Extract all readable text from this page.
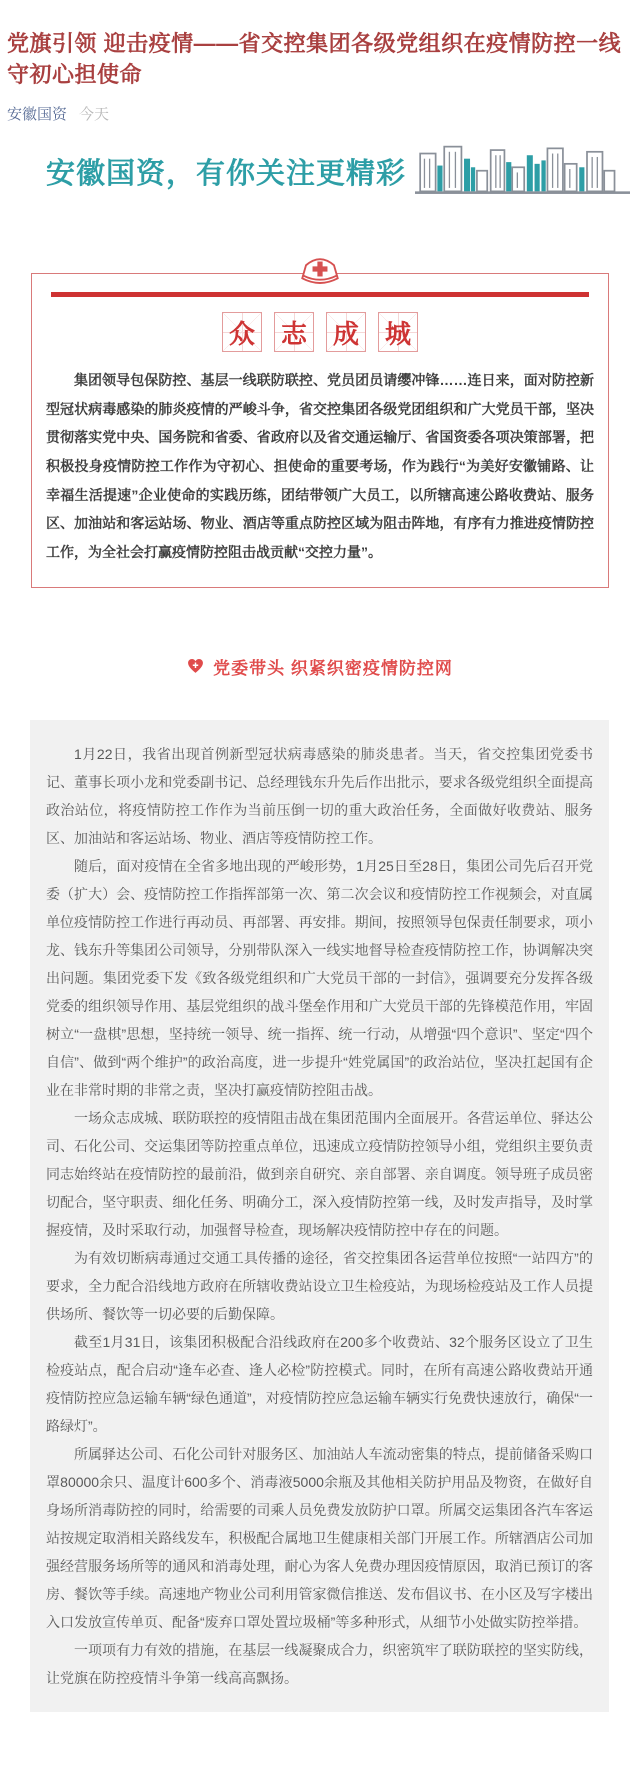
党旗引领 迎击疫情——省交控集团各级党组织在疫情防控一线守初心担使命
安徽国资 今天
安徽国资，有你关注更精彩
众 志 成 城

集团领导包保防控、基层一线联防联控、党员团员请缨冲锋……连日来，面对防控新型冠状病毒感染的肺炎疫情的严峻斗争，省交控集团各级党团组织和广大党员干部，坚决贯彻落实党中央、国务院和省委、省政府以及省交通运输厅、省国资委各项决策部署，把积极投身疫情防控工作作为守初心、担使命的重要考场，作为践行“为美好安徽铺路、让幸福生活提速”企业使命的实践历练，团结带领广大员工，以所辖高速公路收费站、服务区、加油站和客运站场、物业、酒店等重点防控区域为阻击阵地，有序有力推进疫情防控工作，为全社会打赢疫情防控阻击战贡献“交控力量”。

党委带头 织紧织密疫情防控网

1月22日，我省出现首例新型冠状病毒感染的肺炎患者。当天，省交控集团党委书记、董事长项小龙和党委副书记、总经理钱东升先后作出批示，要求各级党组织全面提高政治站位，将疫情防控工作作为当前压倒一切的重大政治任务，全面做好收费站、服务区、加油站和客运站场、物业、酒店等疫情防控工作。

随后，面对疫情在全省多地出现的严峻形势，1月25日至28日，集团公司先后召开党委（扩大）会、疫情防控工作指挥部第一次、第二次会议和疫情防控工作视频会，对直属单位疫情防控工作进行再动员、再部署、再安排。期间，按照领导包保责任制要求，项小龙、钱东升等集团公司领导，分别带队深入一线实地督导检查疫情防控工作，协调解决突出问题。集团党委下发《致各级党组织和广大党员干部的一封信》，强调要充分发挥各级党委的组织领导作用、基层党组织的战斗堡垒作用和广大党员干部的先锋模范作用，牢固树立“一盘棋”思想，坚持统一领导、统一指挥、统一行动，从增强“四个意识”、坚定“四个自信”、做到“两个维护”的政治高度，进一步提升“姓党属国”的政治站位，坚决扛起国有企业在非常时期的非常之责，坚决打赢疫情防控阻击战。

一场众志成城、联防联控的疫情阻击战在集团范围内全面展开。各营运单位、驿达公司、石化公司、交运集团等防控重点单位，迅速成立疫情防控领导小组，党组织主要负责同志始终站在疫情防控的最前沿，做到亲自研究、亲自部署、亲自调度。领导班子成员密切配合，坚守职责、细化任务、明确分工，深入疫情防控第一线，及时发声指导，及时掌握疫情，及时采取行动，加强督导检查，现场解决疫情防控中存在的问题。

为有效切断病毒通过交通工具传播的途径，省交控集团各运营单位按照“一站四方”的要求，全力配合沿线地方政府在所辖收费站设立卫生检疫站，为现场检疫站及工作人员提供场所、餐饮等一切必要的后勤保障。

截至1月31日，该集团积极配合沿线政府在200多个收费站、32个服务区设立了卫生检疫站点，配合启动“逢车必查、逢人必检”防控模式。同时，在所有高速公路收费站开通疫情防控应急运输车辆“绿色通道”，对疫情防控应急运输车辆实行免费快速放行，确保“一路绿灯”。

所属驿达公司、石化公司针对服务区、加油站人车流动密集的特点，提前储备采购口罩80000余只、温度计600多个、消毒液5000余瓶及其他相关防护用品及物资，在做好自身场所消毒防控的同时，给需要的司乘人员免费发放防护口罩。所属交运集团各汽车客运站按规定取消相关路线发车，积极配合属地卫生健康相关部门开展工作。所辖酒店公司加强经营服务场所等的通风和消毒处理，耐心为客人免费办理因疫情原因，取消已预订的客房、餐饮等手续。高速地产物业公司利用管家微信推送、发布倡议书、在小区及写字楼出入口发放宣传单页、配备“废弃口罩处置垃圾桶”等多种形式，从细节小处做实防控举措。

一项项有力有效的措施，在基层一线凝聚成合力，织密筑牢了联防联控的坚实防线，让党旗在防控疫情斗争第一线高高飘扬。
